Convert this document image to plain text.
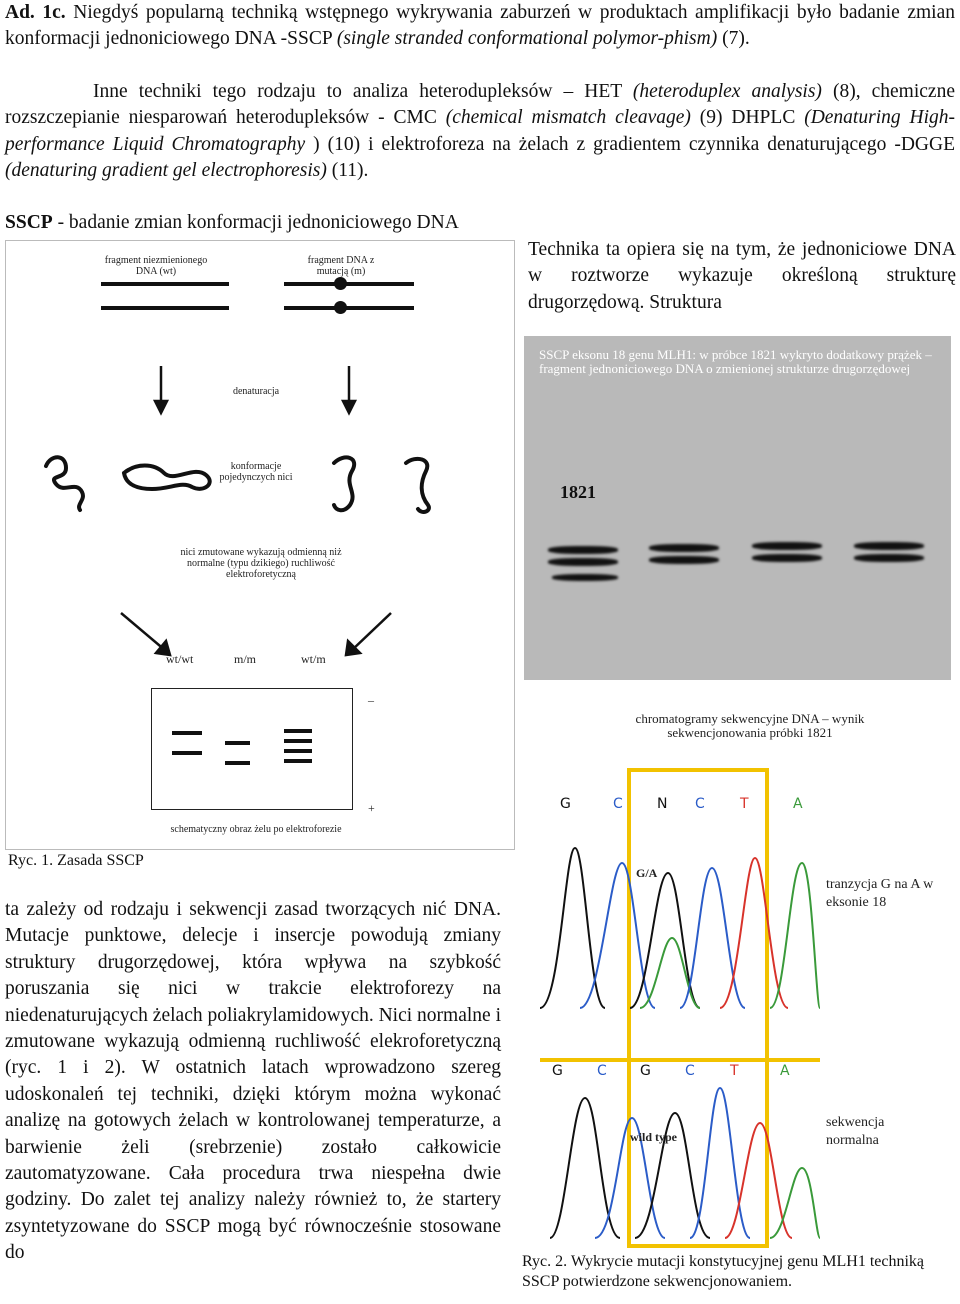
Ad. 1c. Niegdyś popularną techniką wstępnego wykrywania zaburzeń w produktach amplifikacji było badanie zmian konformacji jednoniciowego DNA -SSCP (single stranded conformational polymor-phism) (7).
Inne techniki tego rodzaju to analiza heterodupleksów – HET (heteroduplex analysis) (8), chemiczne rozszczepianie niesparowań heterodupleksów - CMC (chemical mismatch cleavage) (9) DHPLC (Denaturing High-performance Liquid Chromatography ) (10) i elektroforeza na żelach z gradientem czynnika denaturującego -DGGE (denaturing gradient gel electrophoresis) (11).
SSCP - badanie zmian konformacji jednoniciowego DNA
Technika ta opiera się na tym, że jednoniciowe DNA w roztworze wykazuje określoną strukturę drugorzędową. Struktura
fragment niezmienionego DNA (wt)
fragment DNA z mutacją (m)
denaturacja
konformacje pojedynczych nici
nici zmutowane wykazują odmienną niż normalne (typu dzikiego) ruchliwość elektroforetyczną
wt/wt	m/m	wt/m
–
+
schematyczny obraz żelu po elektroforezie
Ryc. 1. Zasada SSCP
SSCP eksonu 18 genu MLH1: w próbce 1821 wykryto dodatkowy prążek – fragment jednoniciowego DNA o zmienionej strukturze drugorzędowej
1821
chromatogramy sekwencyjne DNA – wynik sekwencjonowania próbki 1821
G	C N C	T	A
G/A
G C G C	T	A
wild type
tranzycja G na A w eksonie 18
sekwencja normalna
Ryc. 2. Wykrycie mutacji konstytucyjnej genu MLH1 techniką SSCP potwierdzone sekwencjonowaniem.
ta zależy od rodzaju i sekwencji zasad tworzących nić DNA. Mutacje punktowe, delecje i insercje powodują zmiany struktury drugorzędowej, która wpływa na szybkość poruszania się nici w trakcie elektroforezy na niedenaturujących żelach poliakrylamidowych. Nici normalne i zmutowane wykazują odmienną ruchliwość elekroforetyczną (ryc. 1 i 2). W ostatnich latach wprowadzono szereg udoskonaleń tej techniki, dzięki którym można wykonać analizę na gotowych żelach w kontrolowanej temperaturze, a barwienie żeli (srebrzenie) zostało całkowicie zautomatyzowane. Cała procedura trwa niespełna dwie godziny. Do zalet tej analizy należy również to, że startery zsyntetyzowane do SSCP mogą być równocześnie stosowane do
